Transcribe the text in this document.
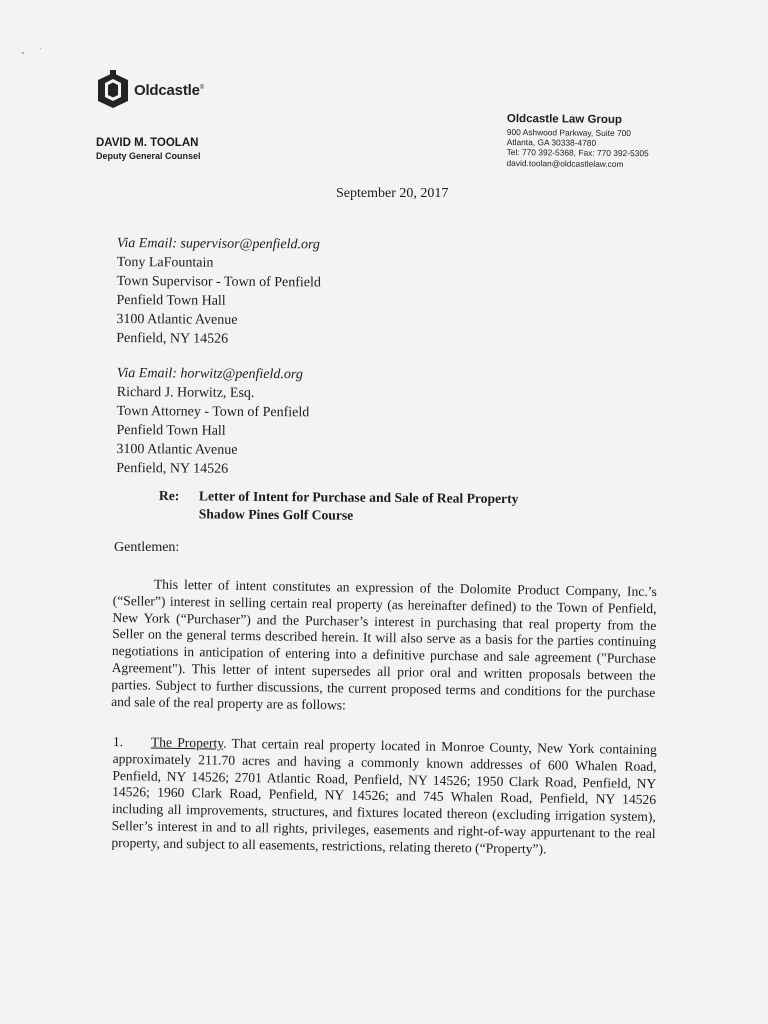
Oldcastle®
DAVID M. TOOLAN
Deputy General Counsel
Oldcastle Law Group
900 Ashwood Parkway, Suite 700
Atlanta, GA 30338-4780
Tel: 770 392-5368, Fax: 770 392-5305
david.toolan@oldcastlelaw.com
September 20, 2017
Via Email: supervisor@penfield.org
Tony LaFountain
Town Supervisor - Town of Penfield
Penfield Town Hall
3100 Atlantic Avenue
Penfield, NY 14526
Via Email: horwitz@penfield.org
Richard J. Horwitz, Esq.
Town Attorney - Town of Penfield
Penfield Town Hall
3100 Atlantic Avenue
Penfield, NY 14526
Re: Letter of Intent for Purchase and Sale of Real Property
Shadow Pines Golf Course
Gentlemen:

This letter of intent constitutes an expression of the Dolomite Product Company, Inc.’s (“Seller”) interest in selling certain real property (as hereinafter defined) to the Town of Penfield, New York (“Purchaser”) and the Purchaser’s interest in purchasing that real property from the Seller on the general terms described herein. It will also serve as a basis for the parties continuing negotiations in anticipation of entering into a definitive purchase and sale agreement ("Purchase Agreement"). This letter of intent supersedes all prior oral and written proposals between the parties. Subject to further discussions, the current proposed terms and conditions for the purchase and sale of the real property are as follows:

1. The Property. That certain real property located in Monroe County, New York containing approximately 211.70 acres and having a commonly known addresses of 600 Whalen Road, Penfield, NY 14526; 2701 Atlantic Road, Penfield, NY 14526; 1950 Clark Road, Penfield, NY 14526; 1960 Clark Road, Penfield, NY 14526; and 745 Whalen Road, Penfield, NY 14526 including all improvements, structures, and fixtures located thereon (excluding irrigation system), Seller’s interest in and to all rights, privileges, easements and right-of-way appurtenant to the real property, and subject to all easements, restrictions, relating thereto (“Property”).
